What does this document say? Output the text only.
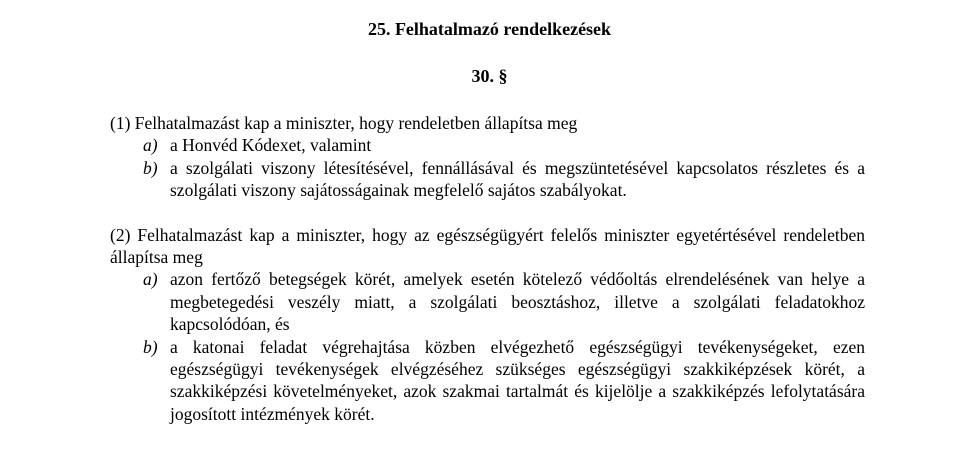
25. Felhatalmazó rendelkezések
30. §
(1) Felhatalmazást kap a miniszter, hogy rendeletben állapítsa meg
a) a Honvéd Kódexet, valamint
b) a szolgálati viszony létesítésével, fennállásával és megszüntetésével kapcsolatos részletes és a szolgálati viszony sajátosságainak megfelelő sajátos szabályokat.
(2) Felhatalmazást kap a miniszter, hogy az egészségügyért felelős miniszter egyetértésével rendeletben állapítsa meg
a) azon fertőző betegségek körét, amelyek esetén kötelező védőoltás elrendelésének van helye a megbetegedési veszély miatt, a szolgálati beosztáshoz, illetve a szolgálati feladatokhoz kapcsolódóan, és
b) a katonai feladat végrehajtása közben elvégezhető egészségügyi tevékenységeket, ezen egészségügyi tevékenységek elvégzéséhez szükséges egészségügyi szakkiképzések körét, a szakkiképzési követelményeket, azok szakmai tartalmát és kijelölje a szakkiképzés lefolytatására jogosított intézmények körét.
